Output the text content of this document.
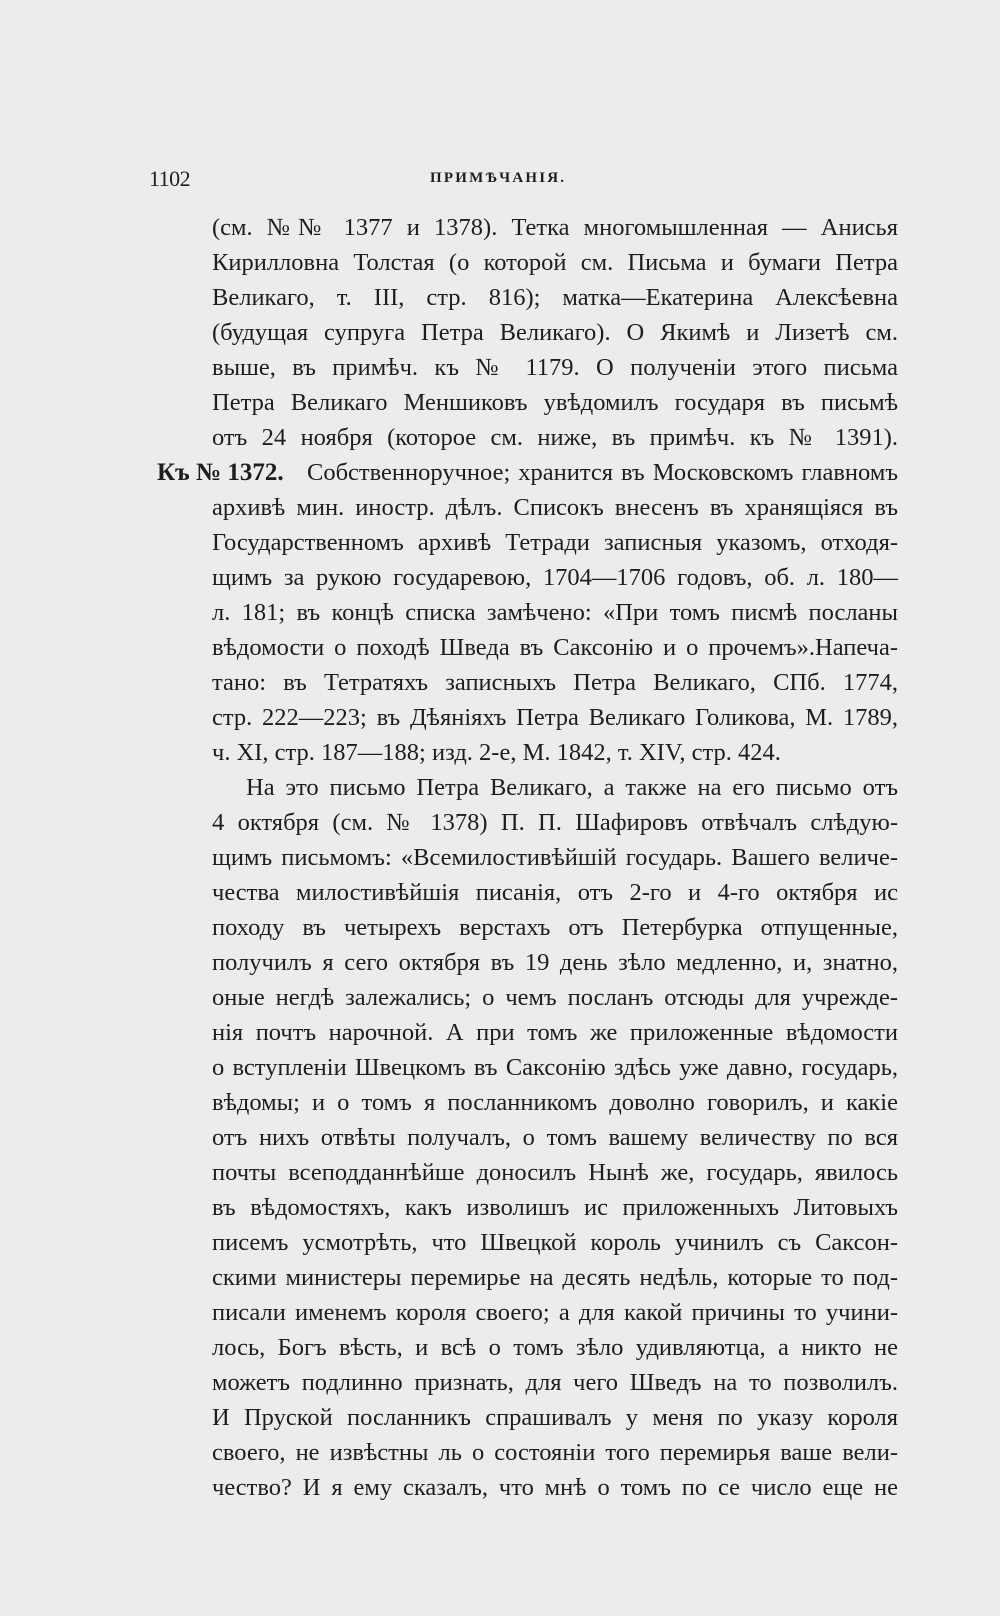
1102	ПРИМѢЧАНІЯ.
(см. №№ 1377 и 1378). Тетка многомышленная — Анисья
Кирилловна Толстая (о которой см. Письма и бумаги Петра
Великаго, т. III, стр. 816); матка—Екатерина Алексѣевна
(будущая супруга Петра Великаго). О Якимѣ и Лизетѣ см.
выше, въ примѣч. къ № 1179. О полученіи этого письма
Петра Великаго Меншиковъ увѣдомилъ государя въ письмѣ
отъ 24 ноября (которое см. ниже, въ примѣч. къ № 1391).
Къ № 1372. Собственноручное; хранится въ Московскомъ главномъ
архивѣ мин. иностр. дѣлъ. Списокъ внесенъ въ хранящіяся въ
Государственномъ архивѣ Тетради записныя указомъ, отходя-
щимъ за рукою государевою, 1704—1706 годовъ, об. л. 180—
л. 181; въ концѣ списка замѣчено: «При томъ писмѣ посланы
вѣдомости о походѣ Шведа въ Саксонію и о прочемъ».Напеча-
тано: въ Тетратяхъ записныхъ Петра Великаго, СПб. 1774,
стр. 222—223; въ Дѣяніяхъ Петра Великаго Голикова, М. 1789,
ч. XI, стр. 187—188; изд. 2-е, М. 1842, т. XIV, стр. 424.
На это письмо Петра Великаго, а также на его письмо отъ
4 октября (см. № 1378) П. П. Шафировъ отвѣчалъ слѣдую-
щимъ письмомъ: «Всемилостивѣйшій государь. Вашего величе-
чества милостивѣйшія писанія, отъ 2-го и 4-го октября ис
походу въ четырехъ верстахъ отъ Петербурка отпущенные,
получилъ я сего октября въ 19 день зѣло медленно, и, знатно,
оные негдѣ залежались; о чемъ посланъ отсюды для учрежде-
нія почтъ нарочной. А при томъ же приложенные вѣдомости
о вступленіи Швецкомъ въ Саксонію здѣсь уже давно, государь,
вѣдомы; и о томъ я посланникомъ доволно говорилъ, и какіе
отъ нихъ отвѣты получалъ, о томъ вашему величеству по вся
почты всеподданнѣйше доносилъ Нынѣ же, государь, явилось
въ вѣдомостяхъ, какъ изволишъ ис приложенныхъ Литовыхъ
писемъ усмотрѣть, что Швецкой король учинилъ съ Саксон-
скими министеры перемирье на десять недѣль, которые то под-
писали именемъ короля своего; а для какой причины то учини-
лось, Богъ вѣсть, и всѣ о томъ зѣло удивляютца, а никто не
можетъ подлинно признать, для чего Шведъ на то позволилъ.
И Пруской посланникъ спрашивалъ у меня по указу короля
своего, не извѣстны ль о состояніи того перемирья ваше вели-
чество? И я ему сказалъ, что мнѣ о томъ по се число еще не
